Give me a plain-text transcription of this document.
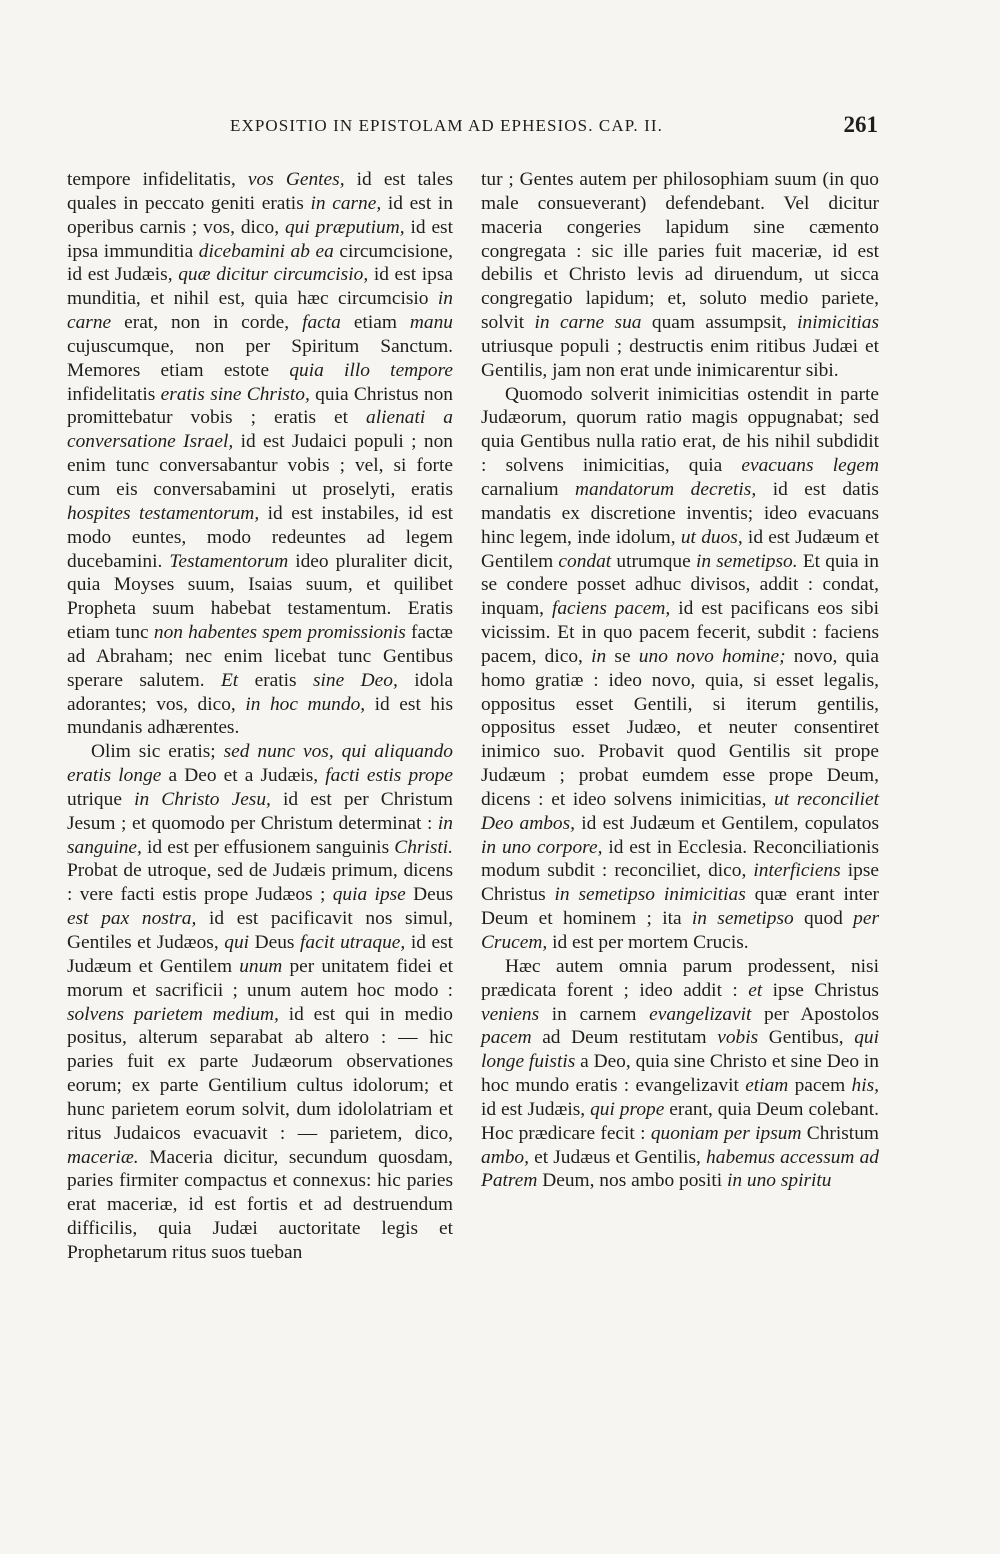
EXPOSITIO IN EPISTOLAM AD EPHESIOS. CAP. II.	261

tempore infidelitatis, vos Gentes, id est tales quales in peccato geniti eratis in carne, id est in operibus carnis ; vos, dico, qui præputium, id est ipsa immunditia dicebamini ab ea circumcisione, id est Judæis, quæ dicitur circumcisio, id est ipsa munditia, et nihil est, quia hæc circumcisio in carne erat, non in corde, facta etiam manu cujuscumque, non per Spiritum Sanctum. Memores etiam estote quia illo tempore infidelitatis eratis sine Christo, quia Christus non promittebatur vobis ; eratis et alienati a conversatione Israel, id est Judaici populi ; non enim tunc conversabantur vobis ; vel, si forte cum eis conversabamini ut proselyti, eratis hospites testamentorum, id est instabiles, id est modo euntes, modo redeuntes ad legem ducebamini. Testamentorum ideo pluraliter dicit, quia Moyses suum, Isaias suum, et quilibet Propheta suum habebat testamentum. Eratis etiam tunc non habentes spem promissionis factæ ad Abraham; nec enim licebat tunc Gentibus sperare salutem. Et eratis sine Deo, idola adorantes; vos, dico, in hoc mundo, id est his mundanis adhærentes.

Olim sic eratis; sed nunc vos, qui aliquando eratis longe a Deo et a Judæis, facti estis prope utrique in Christo Jesu, id est per Christum Jesum ; et quomodo per Christum determinat : in sanguine, id est per effusionem sanguinis Christi. Probat de utroque, sed de Judæis primum, dicens : vere facti estis prope Judæos ; quia ipse Deus est pax nostra, id est pacificavit nos simul, Gentiles et Judæos, qui Deus facit utraque, id est Judæum et Gentilem unum per unitatem fidei et morum et sacrificii ; unum autem hoc modo : solvens parietem medium, id est qui in medio positus, alterum separabat ab altero : — hic paries fuit ex parte Judæorum observationes eorum; ex parte Gentilium cultus idolorum; et hunc parietem eorum solvit, dum idololatriam et ritus Judaicos evacuavit : — parietem, dico, maceriæ. Maceria dicitur, secundum quosdam, paries firmiter compactus et connexus: hic paries erat maceriæ, id est fortis et ad destruendum difficilis, quia Judæi auctoritate legis et Prophetarum ritus suos tueban

tur ; Gentes autem per philosophiam suum (in quo male consueverant) defendebant. Vel dicitur maceria congeries lapidum sine cæmento congregata : sic ille paries fuit maceriæ, id est debilis et Christo levis ad diruendum, ut sicca congregatio lapidum; et, soluto medio pariete, solvit in carne sua quam assumpsit, inimicitias utriusque populi ; destructis enim ritibus Judæi et Gentilis, jam non erat unde inimicarentur sibi.

Quomodo solverit inimicitias ostendit in parte Judæorum, quorum ratio magis oppugnabat; sed quia Gentibus nulla ratio erat, de his nihil subdidit : solvens inimicitias, quia evacuans legem carnalium mandatorum decretis, id est datis mandatis ex discretione inventis; ideo evacuans hinc legem, inde idolum, ut duos, id est Judæum et Gentilem condat utrumque in semetipso. Et quia in se condere posset adhuc divisos, addit : condat, inquam, faciens pacem, id est pacificans eos sibi vicissim. Et in quo pacem fecerit, subdit : faciens pacem, dico, in se uno novo homine; novo, quia homo gratiæ : ideo novo, quia, si esset legalis, oppositus esset Gentili, si iterum gentilis, oppositus esset Judæo, et neuter consentiret inimico suo. Probavit quod Gentilis sit prope Judæum ; probat eumdem esse prope Deum, dicens : et ideo solvens inimicitias, ut reconciliet Deo ambos, id est Judæum et Gentilem, copulatos in uno corpore, id est in Ecclesia. Reconciliationis modum subdit : reconciliet, dico, interficiens ipse Christus in semetipso inimicitias quæ erant inter Deum et hominem ; ita in semetipso quod per Crucem, id est per mortem Crucis.

Hæc autem omnia parum prodessent, nisi prædicata forent ; ideo addit : et ipse Christus veniens in carnem evangelizavit per Apostolos pacem ad Deum restitutam vobis Gentibus, qui longe fuistis a Deo, quia sine Christo et sine Deo in hoc mundo eratis : evangelizavit etiam pacem his, id est Judæis, qui prope erant, quia Deum colebant. Hoc prædicare fecit : quoniam per ipsum Christum ambo, et Judæus et Gentilis, habemus accessum ad Patrem Deum, nos ambo positi in uno spiritu
